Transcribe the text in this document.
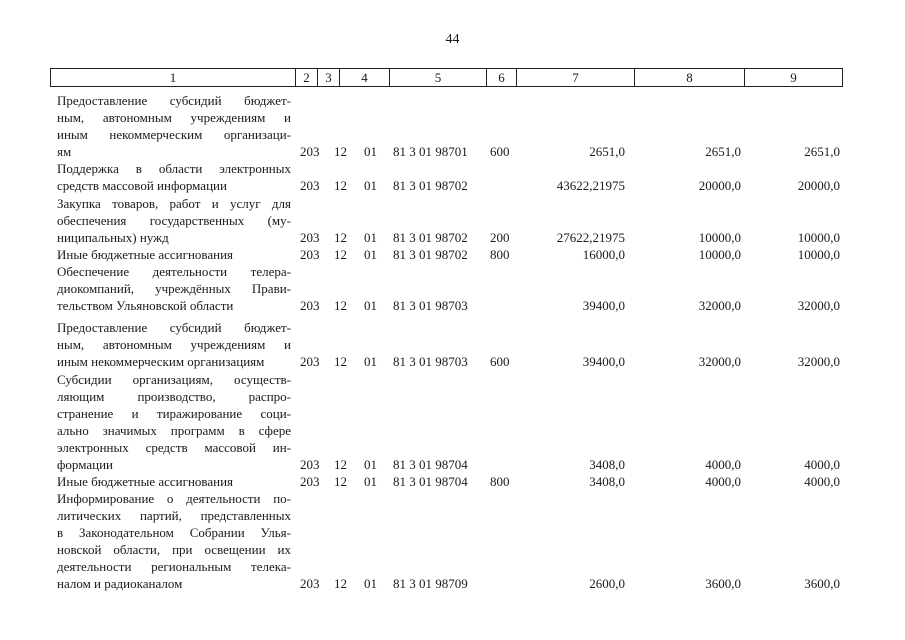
44
1	2	3	4	5	6	7	8	9
Предоставление субсидий бюджет-
ным, автономным учреждениям и
иным некоммерческим организаци-
ям	203 12 01 81 3 01 98701 600	2651,0	2651,0	2651,0
Поддержка в области электронных
средств массовой информации	203 12 01 81 3 01 98702	43622,21975	20000,0	20000,0
Закупка товаров, работ и услуг для
обеспечения государственных (му-
ниципальных) нужд	203 12 01 81 3 01 98702 200	27622,21975	10000,0	10000,0
Иные бюджетные ассигнования	203 12 01 81 3 01 98702 800	16000,0	10000,0	10000,0
Обеспечение деятельности телера-
диокомпаний, учреждённых Прави-
тельством Ульяновской области	203 12 01 81 3 01 98703	39400,0	32000,0	32000,0
Предоставление субсидий бюджет-
ным, автономным учреждениям и
иным некоммерческим организациям	203 12 01 81 3 01 98703 600	39400,0	32000,0	32000,0
Субсидии организациям, осуществ-
ляющим производство, распро-
странение и тиражирование соци-
ально значимых программ в сфере
электронных средств массовой ин-
формации	203 12 01 81 3 01 98704	3408,0	4000,0	4000,0
Иные бюджетные ассигнования	203 12 01 81 3 01 98704 800	3408,0	4000,0	4000,0
Информирование о деятельности по-
литических партий, представленных
в Законодательном Собрании Улья-
новской области, при освещении их
деятельности региональным телека-
налом и радиоканалом	203 12 01 81 3 01 98709	2600,0	3600,0	3600,0
